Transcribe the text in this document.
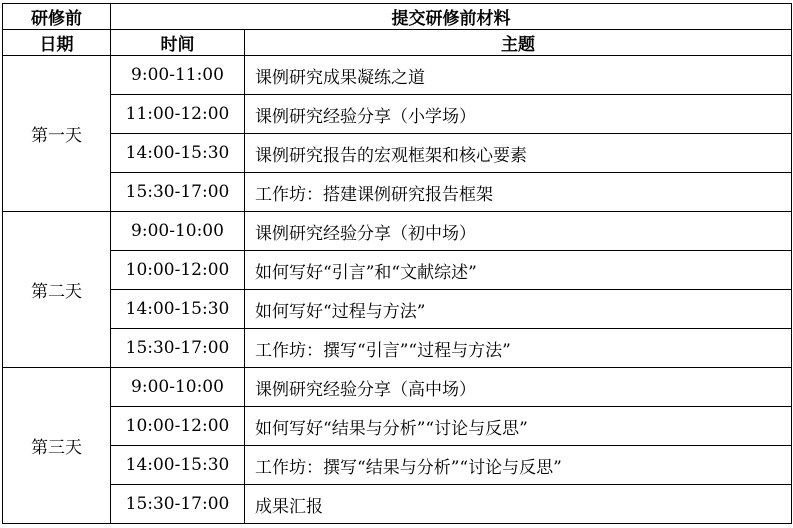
研修前	提交研修前材料	
日期	时间	主题
第一天	9:00-11:00	课例研究成果凝练之道
	11:00-12:00	课例研究经验分享（小学场）
	14:00-15:30	课例研究报告的宏观框架和核心要素
	15:30-17:00	工作坊：搭建课例研究报告框架
第二天	9:00-10:00	课例研究经验分享（初中场）
	10:00-12:00	如何写好“引言”和“文献综述”
	14:00-15:30	如何写好“过程与方法”
	15:30-17:00	工作坊：撰写“引言”“过程与方法”
第三天	9:00-10:00	课例研究经验分享（高中场）
	10:00-12:00	如何写好“结果与分析”“讨论与反思”
	14:00-15:30	工作坊：撰写“结果与分析”“讨论与反思”
	15:30-17:00	成果汇报
